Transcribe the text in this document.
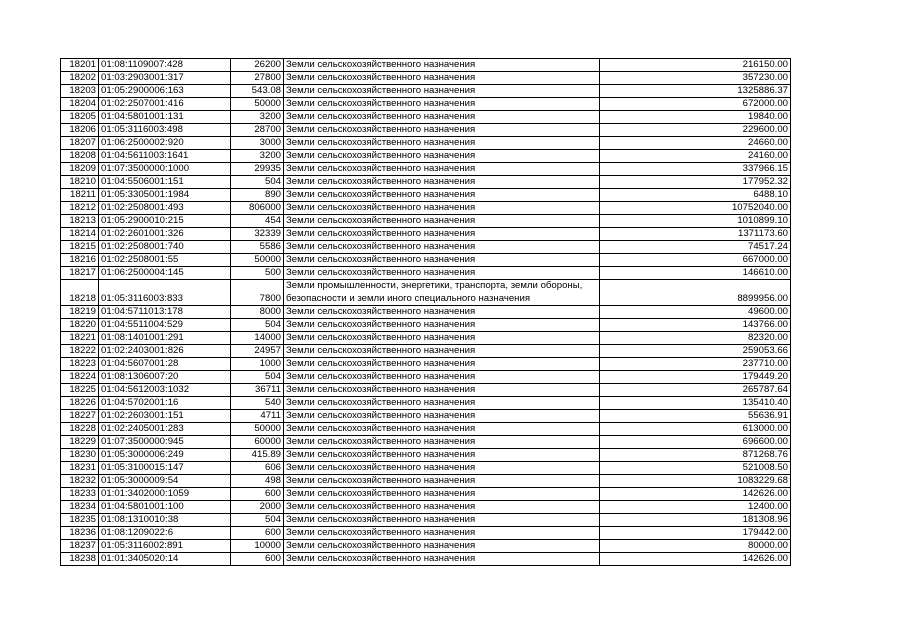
18201	01:08:1109007:428	26200	Земли сельскохозяйственного назначения	216150.00
18202	01:03:2903001:317	27800	Земли сельскохозяйственного назначения	357230.00
18203	01:05:2900006:163	543.08	Земли сельскохозяйственного назначения	1325886.37
18204	01:02:2507001:416	50000	Земли сельскохозяйственного назначения	672000.00
18205	01:04:5801001:131	3200	Земли сельскохозяйственного назначения	19840.00
18206	01:05:3116003:498	28700	Земли сельскохозяйственного назначения	229600.00
18207	01:06:2500002:920	3000	Земли сельскохозяйственного назначения	24660.00
18208	01:04:5611003:1641	3200	Земли сельскохозяйственного назначения	24160.00
18209	01:07:3500000:1000	29935	Земли сельскохозяйственного назначения	337966.15
18210	01:04:5506001:151	504	Земли сельскохозяйственного назначения	177952.32
18211	01:05:3305001:1984	890	Земли сельскохозяйственного назначения	6488.10
18212	01:02:2508001:493	806000	Земли сельскохозяйственного назначения	10752040.00
18213	01:05:2900010:215	454	Земли сельскохозяйственного назначения	1010899.10
18214	01:02:2601001:326	32339	Земли сельскохозяйственного назначения	1371173.60
18215	01:02:2508001:740	5586	Земли сельскохозяйственного назначения	74517.24
18216	01:02:2508001:55	50000	Земли сельскохозяйственного назначения	667000.00
18217	01:06:2500004:145	500	Земли сельскохозяйственного назначения	146610.00
18218	01:05:3116003:833	7800	Земли промышленности, энергетики, транспорта, земли обороны, безопасности и земли иного специального назначения	8899956.00
18219	01:04:5711013:178	8000	Земли сельскохозяйственного назначения	49600.00
18220	01:04:5511004:529	504	Земли сельскохозяйственного назначения	143766.00
18221	01:08:1401001:291	14000	Земли сельскохозяйственного назначения	82320.00
18222	01:02:2403001:826	24957	Земли сельскохозяйственного назначения	259053.66
18223	01:04:5607001:28	1000	Земли сельскохозяйственного назначения	237710.00
18224	01:08:1306007:20	504	Земли сельскохозяйственного назначения	179449.20
18225	01:04:5612003:1032	36711	Земли сельскохозяйственного назначения	265787.64
18226	01:04:5702001:16	540	Земли сельскохозяйственного назначения	135410.40
18227	01:02:2603001:151	4711	Земли сельскохозяйственного назначения	55636.91
18228	01:02:2405001:283	50000	Земли сельскохозяйственного назначения	613000.00
18229	01:07:3500000:945	60000	Земли сельскохозяйственного назначения	696600.00
18230	01:05:3000006:249	415.89	Земли сельскохозяйственного назначения	871268.76
18231	01:05:3100015:147	606	Земли сельскохозяйственного назначения	521008.50
18232	01:05:3000009:54	498	Земли сельскохозяйственного назначения	1083229.68
18233	01:01:3402000:1059	600	Земли сельскохозяйственного назначения	142626.00
18234	01:04:5801001:100	2000	Земли сельскохозяйственного назначения	12400.00
18235	01:08:1310010:38	504	Земли сельскохозяйственного назначения	181308.96
18236	01:08:1209022:6	600	Земли сельскохозяйственного назначения	179442.00
18237	01:05:3116002:891	10000	Земли сельскохозяйственного назначения	80000.00
18238	01:01:3405020:14	600	Земли сельскохозяйственного назначения	142626.00
